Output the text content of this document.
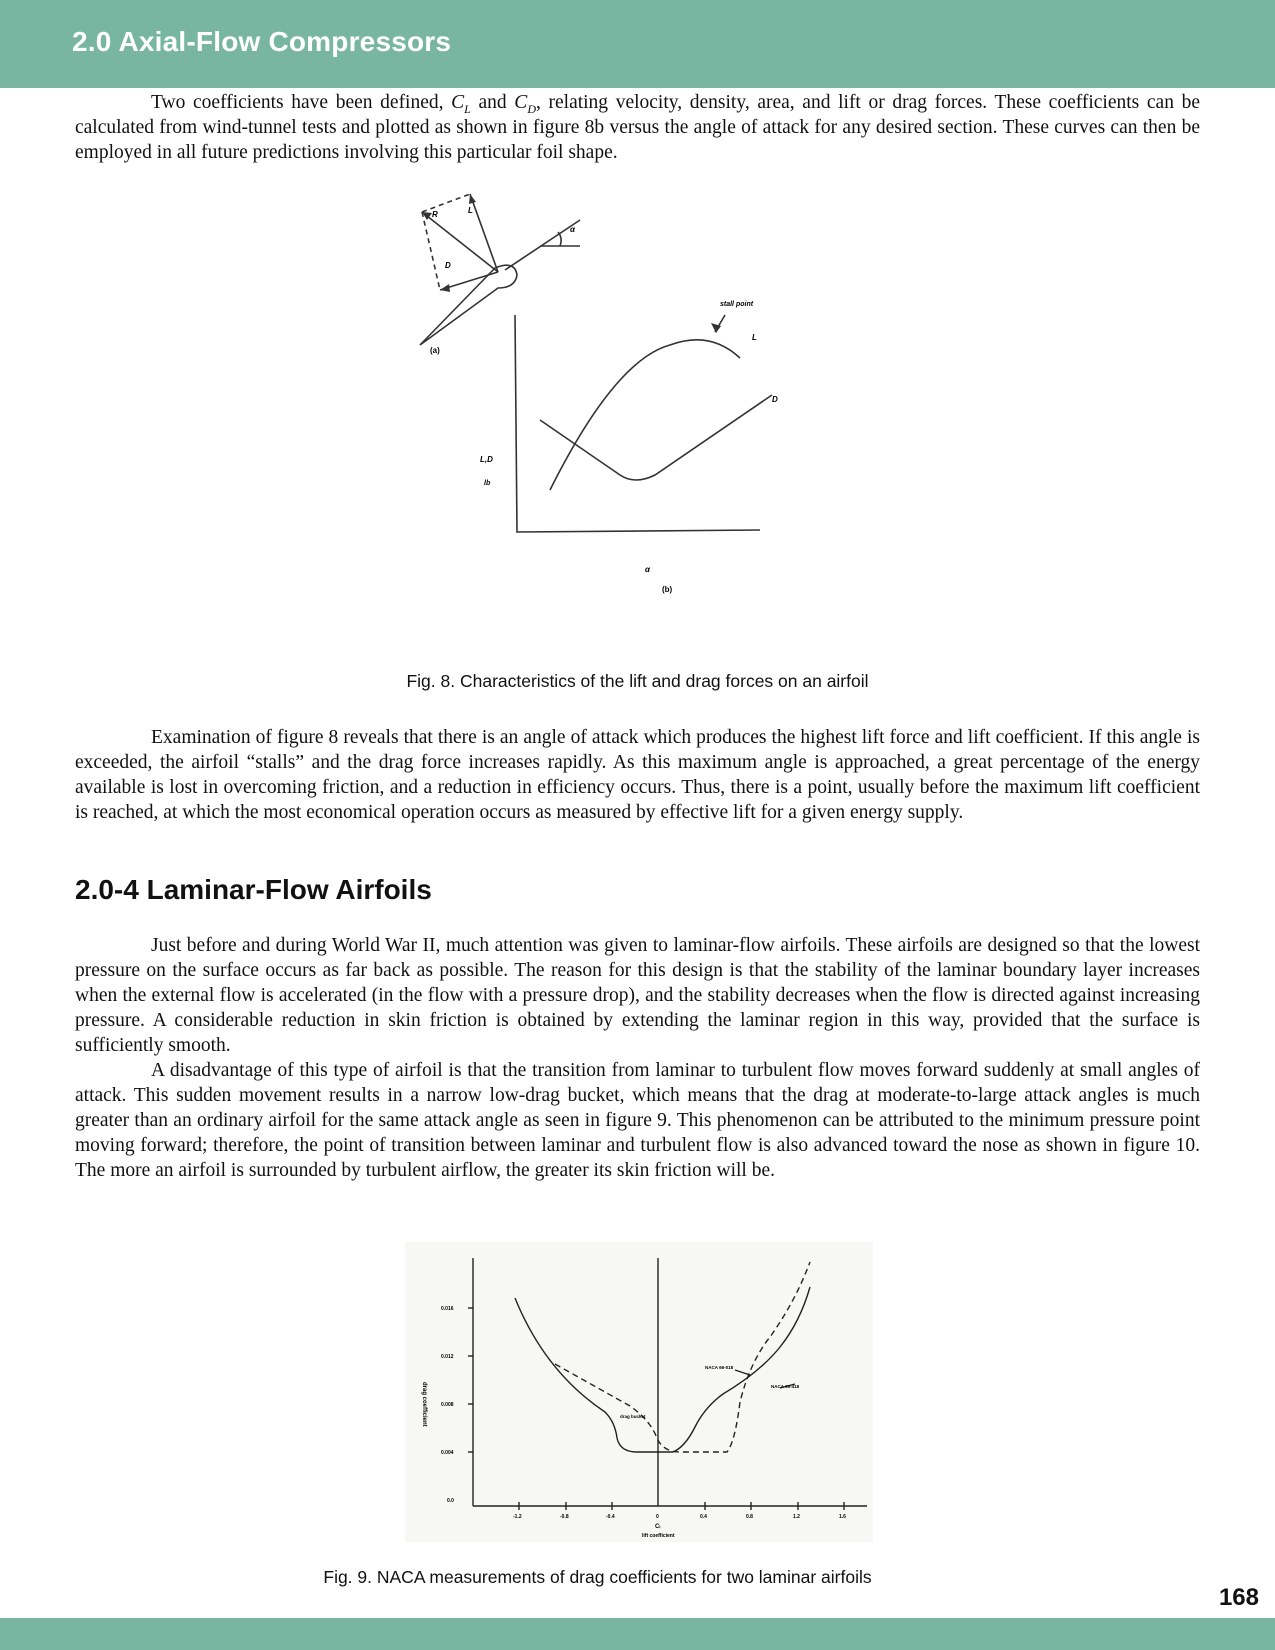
2.0 Axial-Flow Compressors

Two coefficients have been defined, $C_L$ and $C_D$, relating velocity, density, area, and lift or drag forces. These coefficients can be calculated from wind-tunnel tests and plotted as shown in figure 8b versus the angle of attack for any desired section. These curves can then be employed in all future predictions involving this particular foil shape.

R	L
D
α
(a)
stall point
L
D
L,D
lb
α
(b)
Fig. 8. Characteristics of the lift and drag forces on an airfoil

Examination of figure 8 reveals that there is an angle of attack which produces the highest lift force and lift coefficient. If this angle is exceeded, the airfoil “stalls” and the drag force increases rapidly. As this maximum angle is approached, a great percentage of the energy available is lost in overcoming friction, and a reduction in efficiency occurs. Thus, there is a point, usually before the maximum lift coefficient is reached, at which the most economical operation occurs as measured by effective lift for a given energy supply.

2.0-4 Laminar-Flow Airfoils

Just before and during World War II, much attention was given to laminar-flow airfoils. These airfoils are designed so that the lowest pressure on the surface occurs as far back as possible. The reason for this design is that the stability of the laminar boundary layer increases when the external flow is accelerated (in the flow with a pressure drop), and the stability decreases when the flow is directed against increasing pressure. A considerable reduction in skin friction is obtained by extending the laminar region in this way, provided that the surface is sufficiently smooth.

A disadvantage of this type of airfoil is that the transition from laminar to turbulent flow moves forward suddenly at small angles of attack. This sudden movement results in a narrow low-drag bucket, which means that the drag at moderate-to-large attack angles is much greater than an ordinary airfoil for the same attack angle as seen in figure 9. This phenomenon can be attributed to the minimum pressure point moving forward; therefore, the point of transition between laminar and turbulent flow is also advanced toward the nose as shown in figure 10. The more an airfoil is surrounded by turbulent airflow, the greater its skin friction will be.

drag coefficient
0.016
0.012
0.008
0.004
0.0
-1.2	-0.8	-0.4	0	0.4	0.8	1.2	1.6
Cₗ
lift coefficient
NACA 66-018
NACA 65-418
drag bucket
Fig. 9. NACA measurements of drag coefficients for two laminar airfoils
168
